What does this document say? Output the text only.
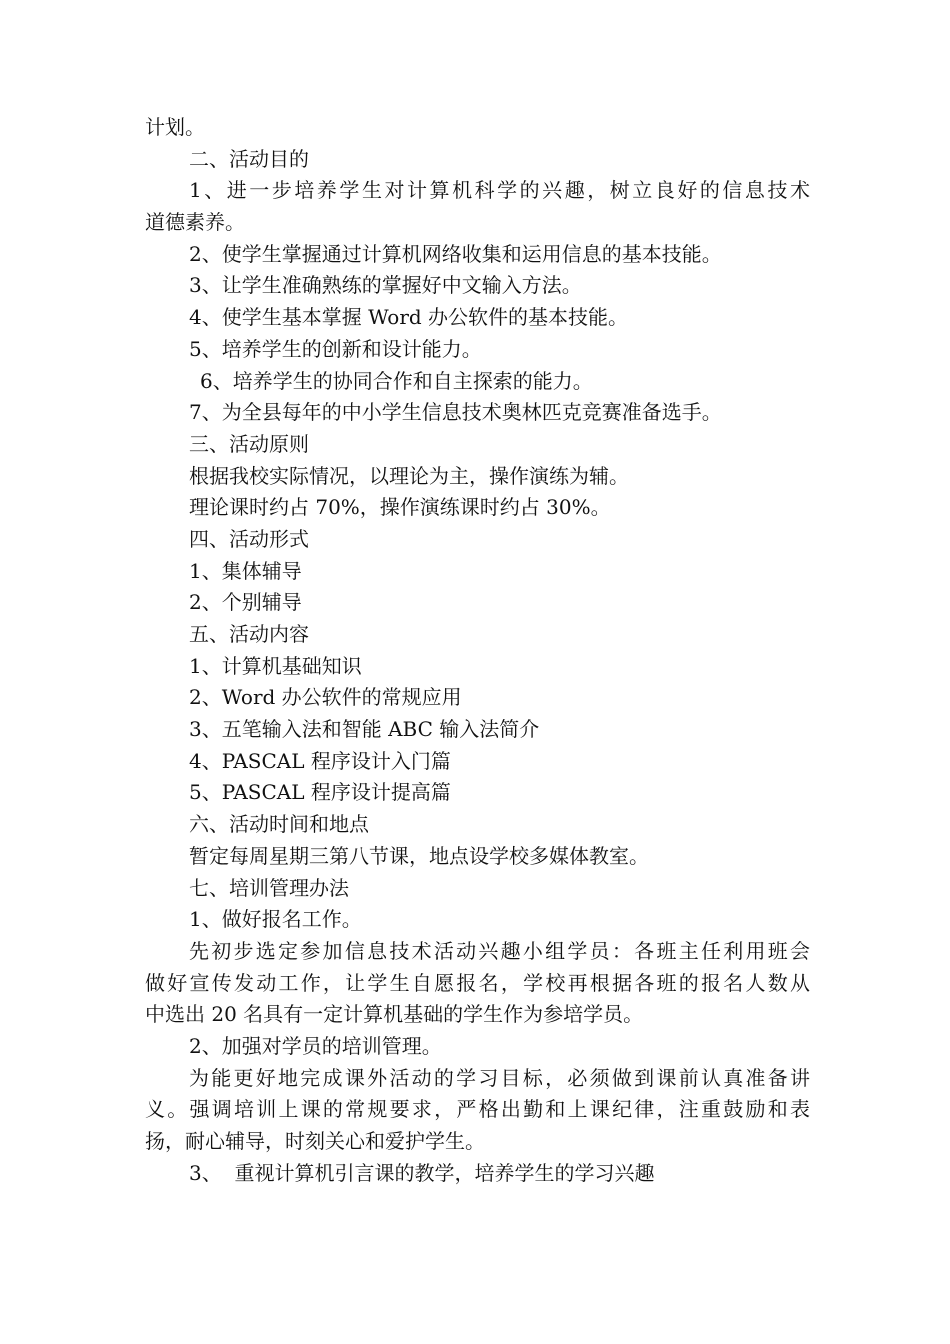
计划。
二、活动目的
1、进一步培养学生对计算机科学的兴趣，树立良好的信息技术
道德素养。
2、使学生掌握通过计算机网络收集和运用信息的基本技能。
3、让学生准确熟练的掌握好中文输入方法。
4、使学生基本掌握 Word 办公软件的基本技能。
5、培养学生的创新和设计能力。
6、培养学生的协同合作和自主探索的能力。
7、为全县每年的中小学生信息技术奥林匹克竞赛准备选手。
三、活动原则
根据我校实际情况，以理论为主，操作演练为辅。
理论课时约占 70%，操作演练课时约占 30%。
四、活动形式
1、集体辅导
2、个别辅导
五、活动内容
1、计算机基础知识
2、Word 办公软件的常规应用
3、五笔输入法和智能 ABC 输入法简介
4、PASCAL 程序设计入门篇
5、PASCAL 程序设计提高篇
六、活动时间和地点
暂定每周星期三第八节课，地点设学校多媒体教室。
七、培训管理办法
1、做好报名工作。
先初步选定参加信息技术活动兴趣小组学员：各班主任利用班会
做好宣传发动工作，让学生自愿报名，学校再根据各班的报名人数从
中选出 20 名具有一定计算机基础的学生作为参培学员。
2、加强对学员的培训管理。
为能更好地完成课外活动的学习目标，必须做到课前认真准备讲
义。强调培训上课的常规要求，严格出勤和上课纪律，注重鼓励和表
扬，耐心辅导，时刻关心和爱护学生。
3、  重视计算机引言课的教学，培养学生的学习兴趣
